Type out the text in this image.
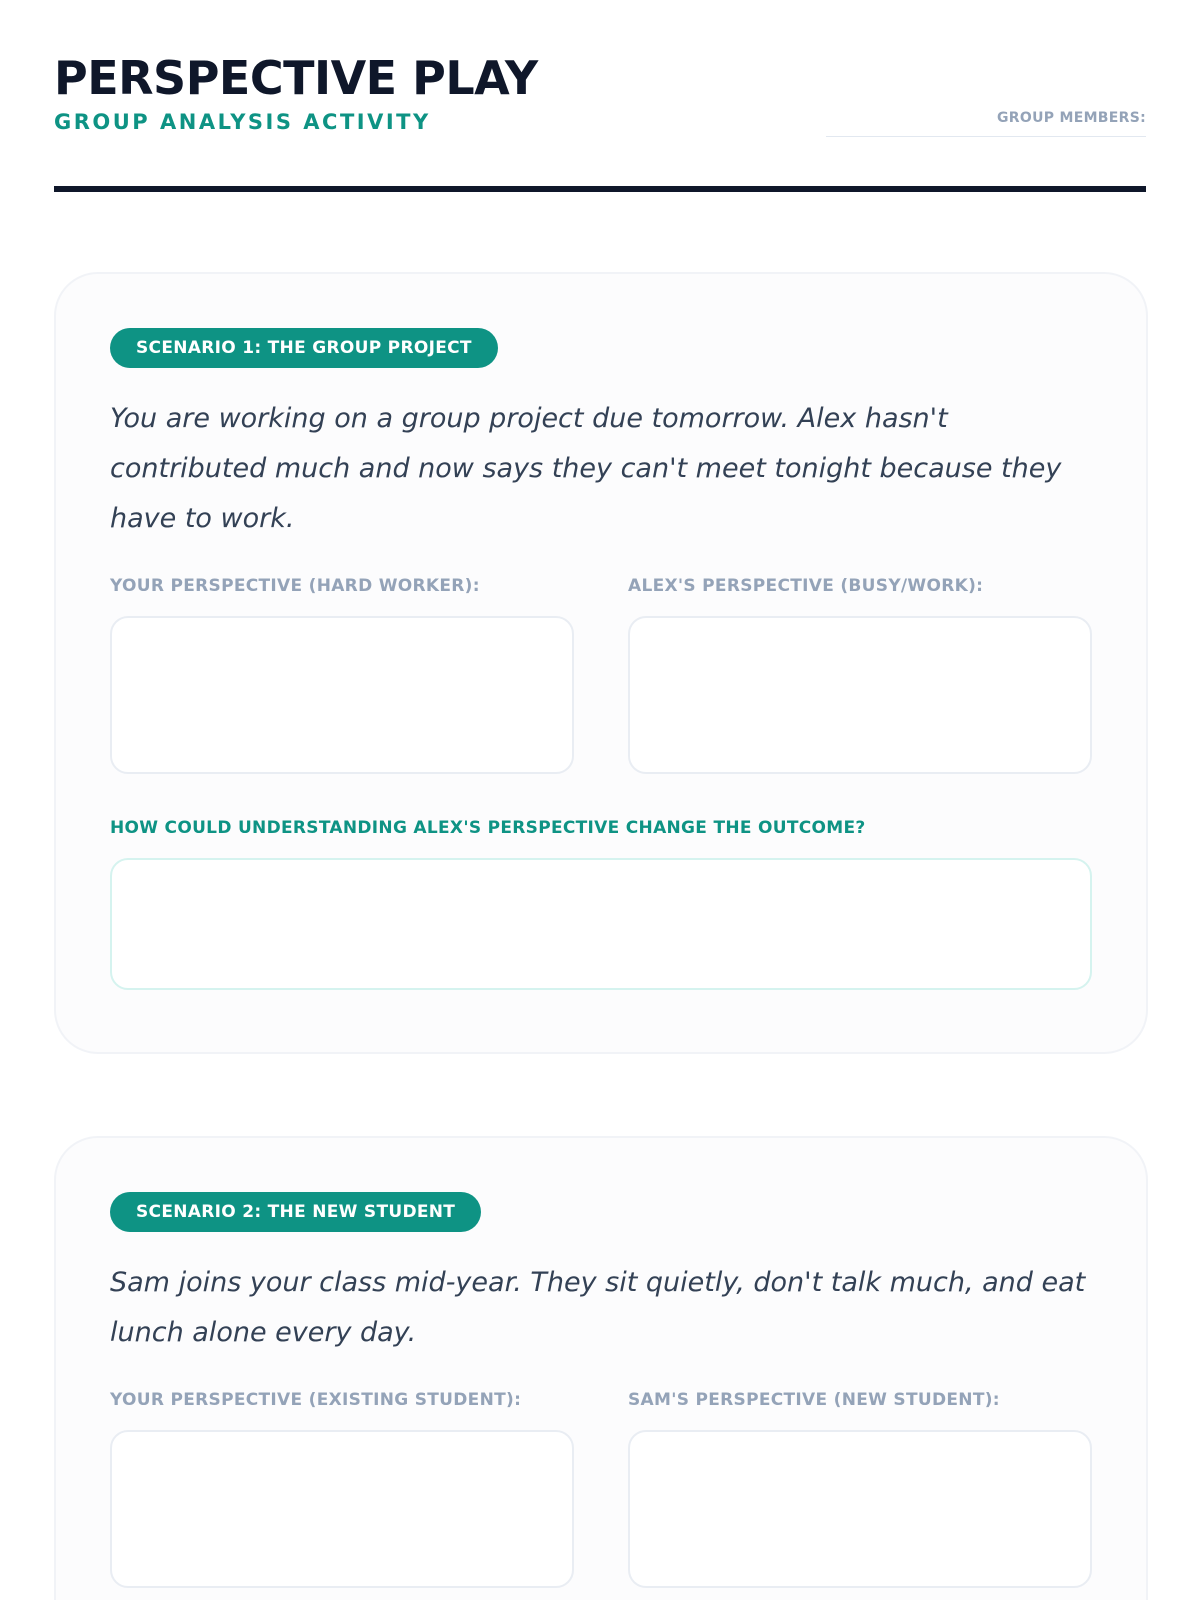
PERSPECTIVE PLAY
GROUP ANALYSIS ACTIVITY	GROUP MEMBERS:
SCENARIO 1: THE GROUP PROJECT
You are working on a group project due tomorrow. Alex hasn't contributed much and now says they can't meet tonight because they have to work.
YOUR PERSPECTIVE (HARD WORKER):	ALEX'S PERSPECTIVE (BUSY/WORK):
HOW COULD UNDERSTANDING ALEX'S PERSPECTIVE CHANGE THE OUTCOME?
SCENARIO 2: THE NEW STUDENT
Sam joins your class mid-year. They sit quietly, don't talk much, and eat lunch alone every day.
YOUR PERSPECTIVE (EXISTING STUDENT):	SAM'S PERSPECTIVE (NEW STUDENT):
